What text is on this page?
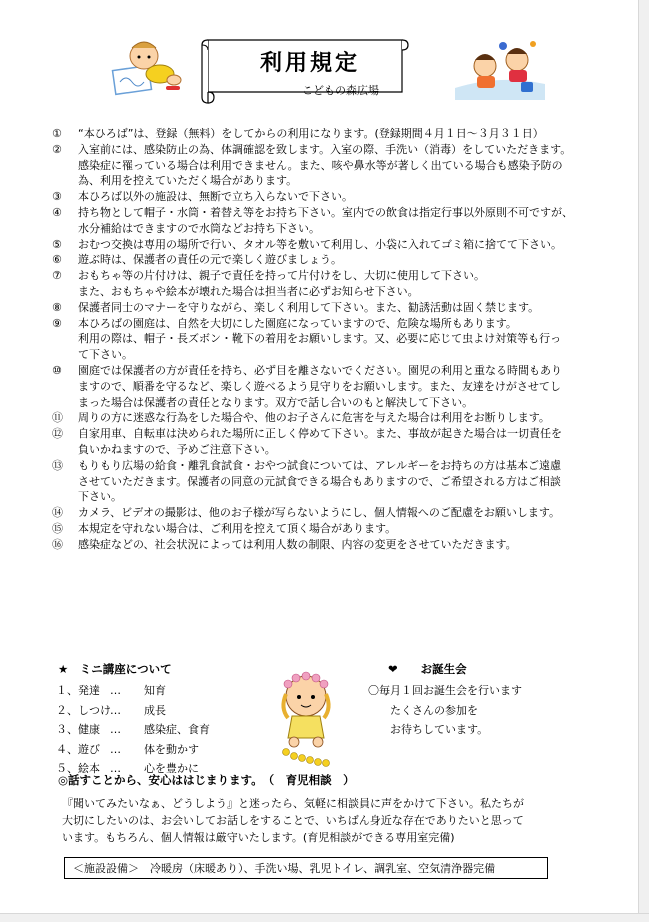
利用規定
こどもの森広場
① “本ひろば”は、登録（無料）をしてからの利用になります。(登録期間４月１日～３月３１日）
② 入室前には、感染防止の為、体調確認を致します。入室の際、手洗い（消毒）をしていただきます。
感染症に罹っている場合は利用できません。また、咳や鼻水等が著しく出ている場合も感染予防の
為、利用を控えていただく場合があります。
③ 本ひろば以外の施設は、無断で立ち入らないで下さい。
④ 持ち物として帽子・水筒・着替え等をお持ち下さい。室内での飲食は指定行事以外原則不可ですが、
水分補給はできますので水筒などお持ち下さい。
⑤ おむつ交換は専用の場所で行い、タオル等を敷いて利用し、小袋に入れてゴミ箱に捨てて下さい。
⑥ 遊ぶ時は、保護者の責任の元で楽しく遊びましょう。
⑦ おもちゃ等の片付けは、親子で責任を持って片付けをし、大切に使用して下さい。
また、おもちゃや絵本が壊れた場合は担当者に必ずお知らせ下さい。
⑧ 保護者同士のマナーを守りながら、楽しく利用して下さい。また、勧誘活動は固く禁じます。
⑨ 本ひろばの園庭は、自然を大切にした園庭になっていますので、危険な場所もあります。
利用の際は、帽子・長ズボン・靴下の着用をお願いします。又、必要に応じて虫よけ対策等も行っ
て下さい。
⑩ 園庭では保護者の方が責任を持ち、必ず目を離さないでください。園児の利用と重なる時間もあり
ますので、順番を守るなど、楽しく遊べるよう見守りをお願いします。また、友達をけがさせてし
まった場合は保護者の責任となります。双方で話し合いのもと解決して下さい。
⑪ 周りの方に迷惑な行為をした場合や、他のお子さんに危害を与えた場合は利用をお断りします。
⑫ 自家用車、自転車は決められた場所に正しく停めて下さい。また、事故が起きた場合は一切責任を
負いかねますので、予めご注意下さい。
⑬ もりもり広場の給食・離乳食試食・おやつ試食については、アレルギーをお持ちの方は基本ご遠慮
させていただきます。保護者の同意の元試食できる場合もありますので、ご希望される方はご相談
下さい。
⑭ カメラ、ビデオの撮影は、他のお子様が写らないようにし、個人情報へのご配慮をお願いします。
⑮ 本規定を守れない場合は、ご利用を控えて頂く場合があります。
⑯ 感染症などの、社会状況によっては利用人数の制限、内容の変更をさせていただきます。
★　ミニ講座について
１、発達 … 知育
２、しつけ… 成長
３、健康 … 感染症、食育
４、遊び … 体を動かす
５、絵本 … 心を豊かに
❤　　お誕生会
〇毎月１回お誕生会を行います
たくさんの参加を
お待ちしています。
◎話すことから、安心ははじまります。　（　育児相談　）
『聞いてみたいなぁ、どうしよう』と迷ったら、気軽に相談員に声をかけて下さい。私たちが
大切にしたいのは、お会いしてお話しをすることで、いちばん身近な存在でありたいと思って
います。もちろん、個人情報は厳守いたします。(育児相談ができる専用室完備)
＜施設設備＞　冷暖房（床暖あり）、手洗い場、乳児トイレ、調乳室、空気清浄器完備
